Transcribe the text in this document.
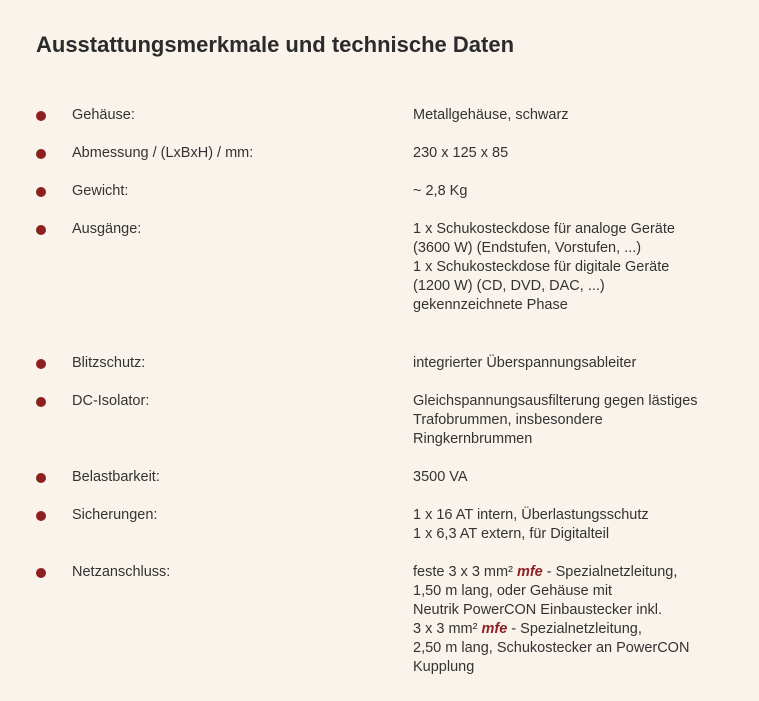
Ausstattungsmerkmale und technische Daten
Gehäuse:	Metallgehäuse, schwarz
Abmessung / (LxBxH) / mm:	230 x 125 x 85
Gewicht:	~ 2,8 Kg
Ausgänge:	1 x Schukosteckdose für analoge Geräte
(3600 W) (Endstufen, Vorstufen, ...)
1 x Schukosteckdose für digitale Geräte
(1200 W) (CD, DVD, DAC, ...)
gekennzeichnete Phase
Blitzschutz:	integrierter Überspannungsableiter
DC-Isolator:	Gleichspannungsausfilterung gegen lästiges
Trafobrummen, insbesondere
Ringkernbrummen
Belastbarkeit:	3500 VA
Sicherungen:	1 x 16 AT intern, Überlastungsschutz
1 x 6,3 AT extern, für Digitalteil
Netzanschluss:	feste 3 x 3 mm² mfe - Spezialnetzleitung,
1,50 m lang, oder Gehäuse mit
Neutrik PowerCON Einbaustecker inkl.
3 x 3 mm² mfe - Spezialnetzleitung,
2,50 m lang, Schukostecker an PowerCON
Kupplung
